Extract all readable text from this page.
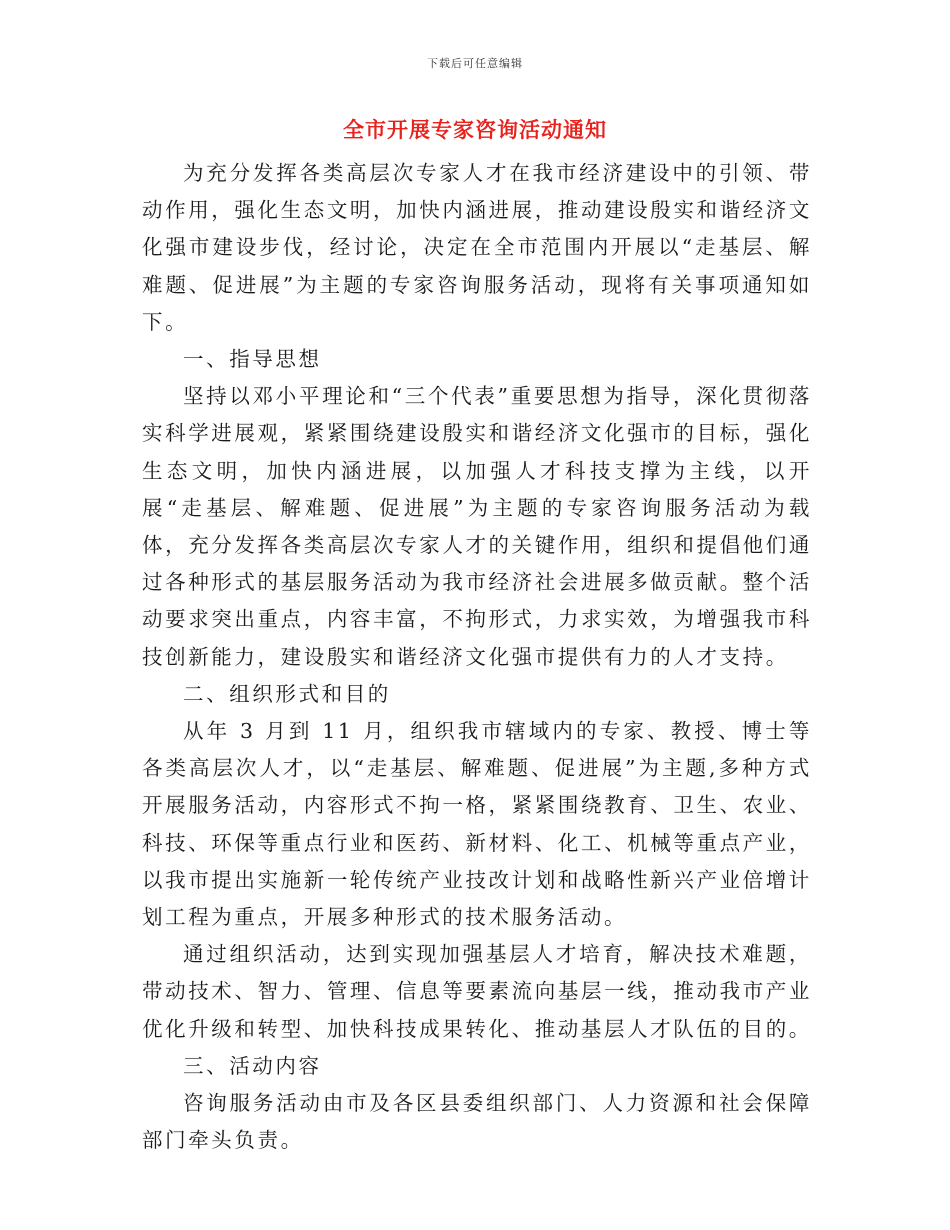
下载后可任意编辑
全市开展专家咨询活动通知

为充分发挥各类高层次专家人才在我市经济建设中的引领、带动作用，强化生态文明，加快内涵进展，推动建设殷实和谐经济文化强市建设步伐，经讨论，决定在全市范围内开展以“走基层、解难题、促进展”为主题的专家咨询服务活动，现将有关事项通知如下。

一、指导思想

坚持以邓小平理论和“三个代表”重要思想为指导，深化贯彻落实科学进展观，紧紧围绕建设殷实和谐经济文化强市的目标，强化生态文明，加快内涵进展，以加强人才科技支撑为主线，以开展“走基层、解难题、促进展”为主题的专家咨询服务活动为载体，充分发挥各类高层次专家人才的关键作用，组织和提倡他们通过各种形式的基层服务活动为我市经济社会进展多做贡献。整个活动要求突出重点，内容丰富，不拘形式，力求实效，为增强我市科技创新能力，建设殷实和谐经济文化强市提供有力的人才支持。

二、组织形式和目的

从年 3 月到 11 月，组织我市辖域内的专家、教授、博士等各类高层次人才，以“走基层、解难题、促进展”为主题,多种方式开展服务活动，内容形式不拘一格，紧紧围绕教育、卫生、农业、科技、环保等重点行业和医药、新材料、化工、机械等重点产业，以我市提出实施新一轮传统产业技改计划和战略性新兴产业倍增计划工程为重点，开展多种形式的技术服务活动。

通过组织活动，达到实现加强基层人才培育，解决技术难题，带动技术、智力、管理、信息等要素流向基层一线，推动我市产业优化升级和转型、加快科技成果转化、推动基层人才队伍的目的。

三、活动内容

咨询服务活动由市及各区县委组织部门、人力资源和社会保障部门牵头负责。
